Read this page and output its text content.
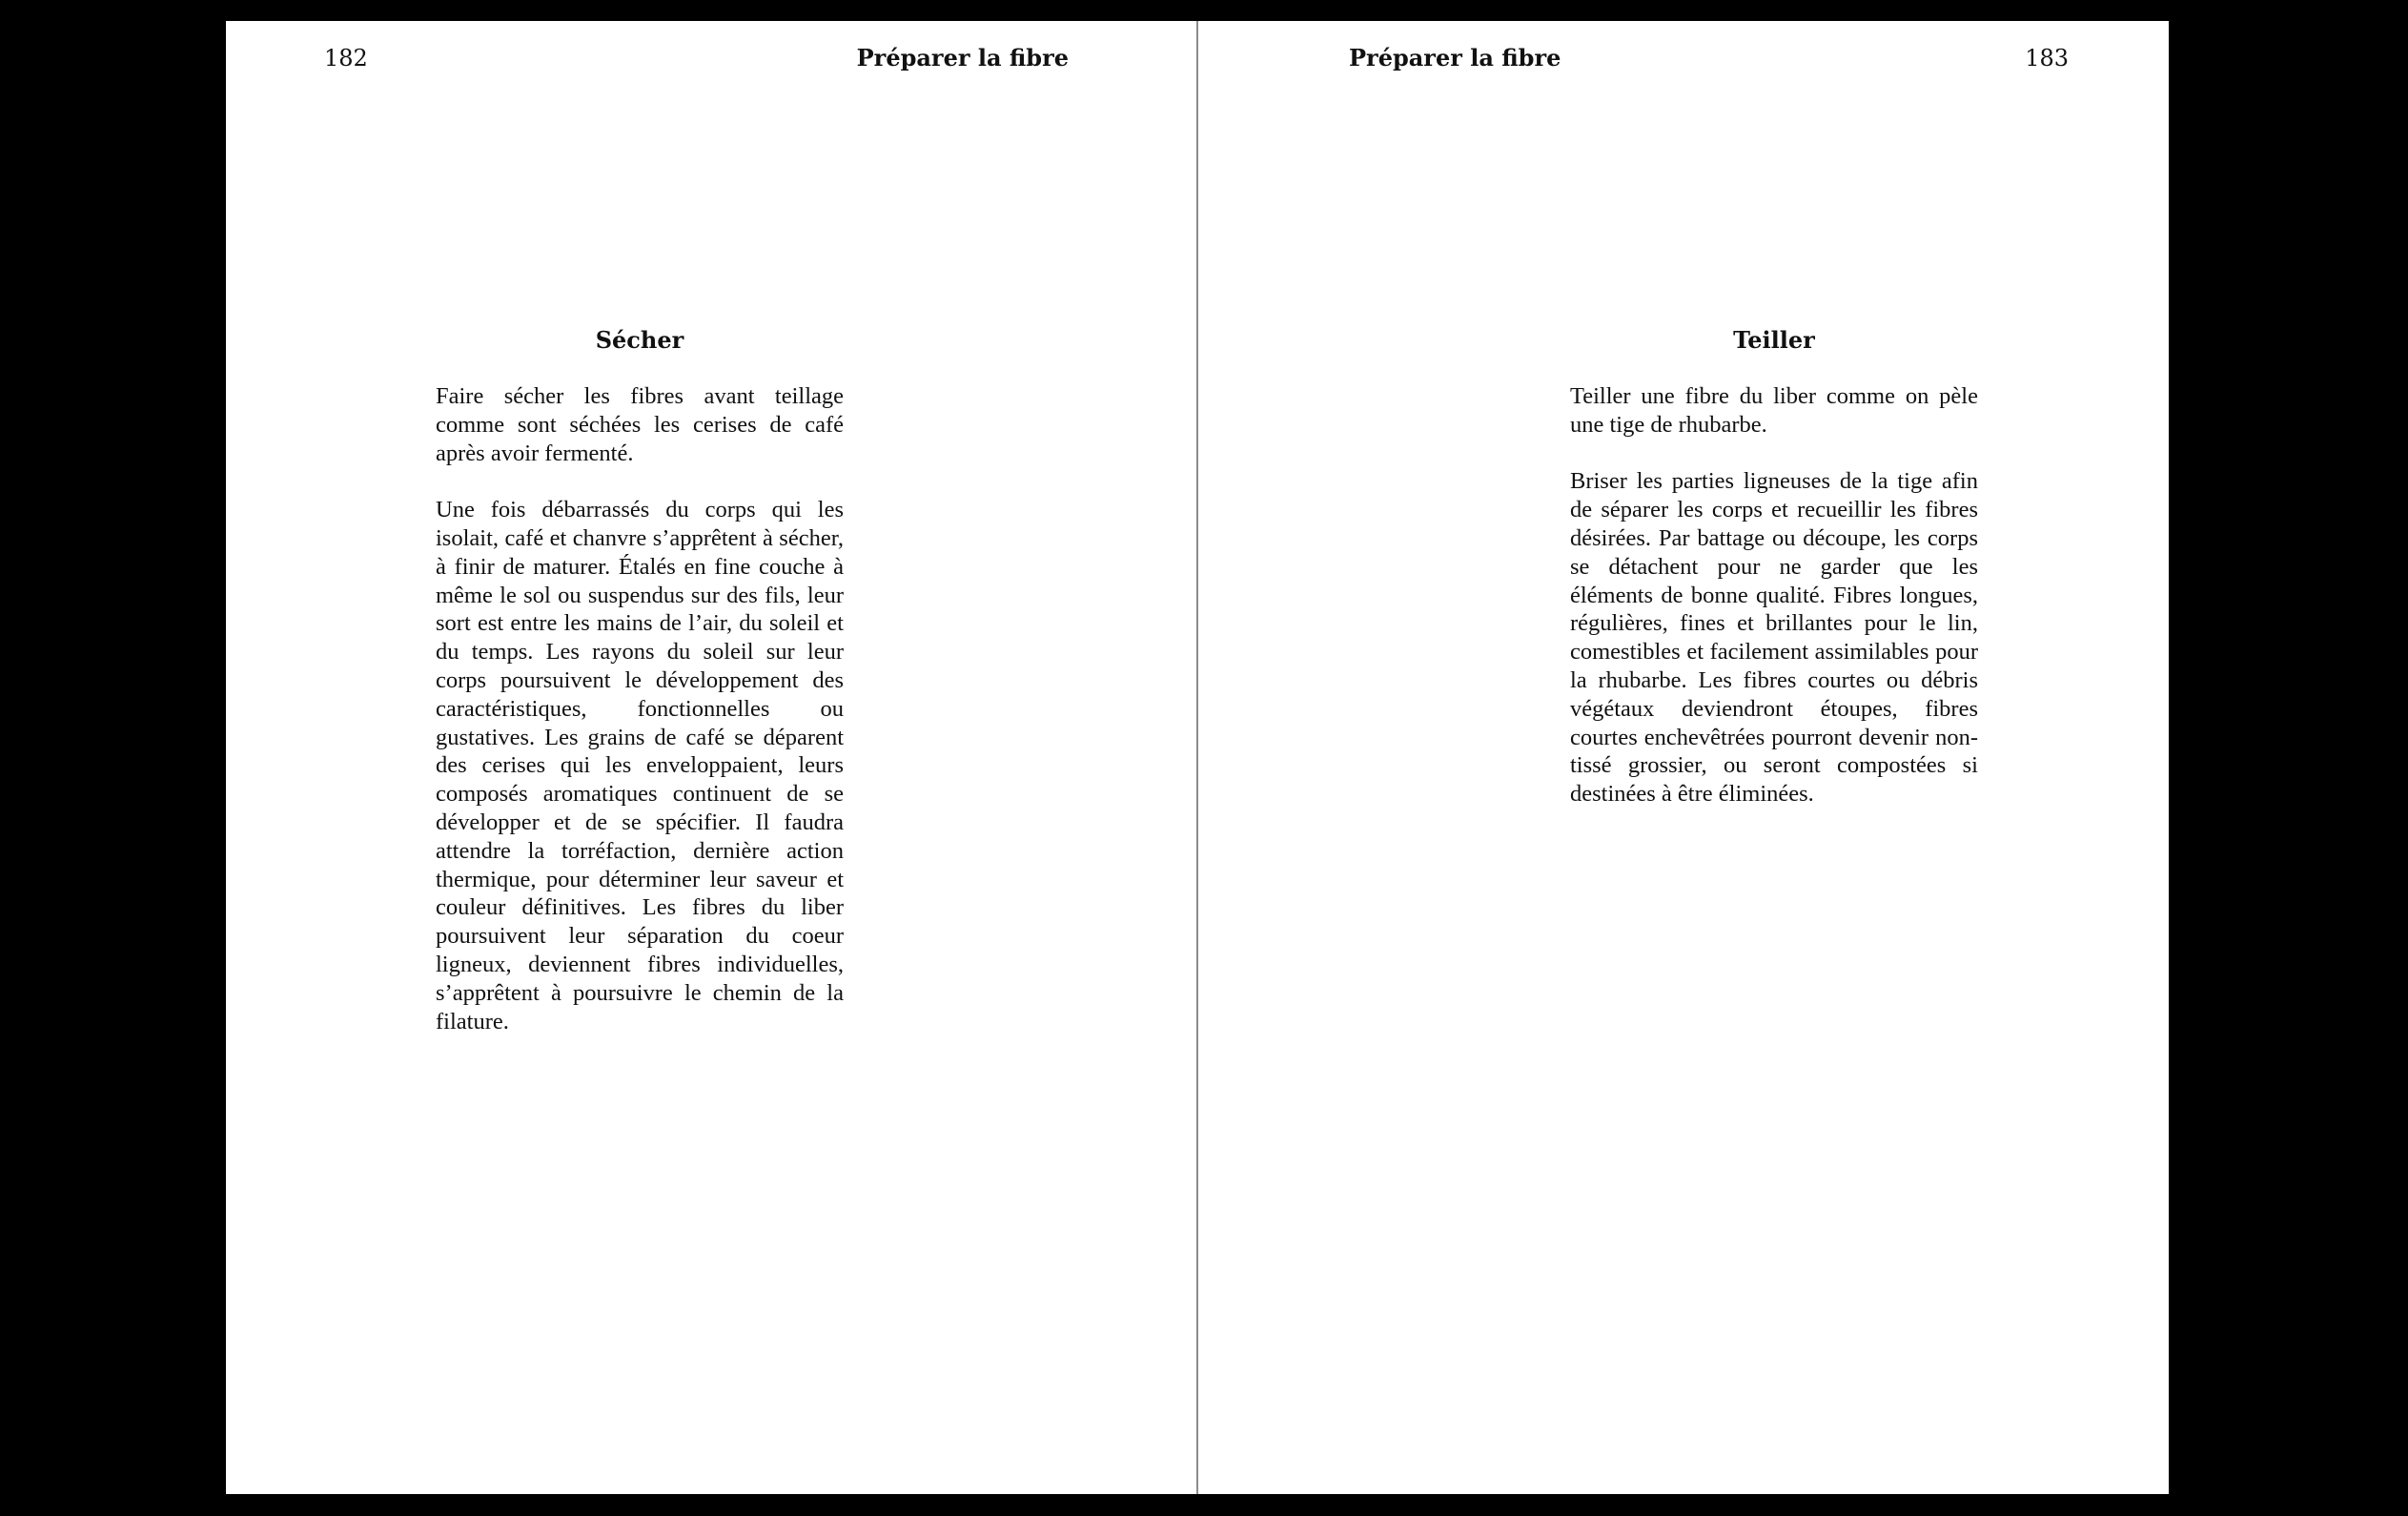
182	Préparer la fibre
Sécher

Faire sécher les fibres avant teillage comme sont séchées les cerises de café après avoir fermenté.

Une fois débarrassés du corps qui les isolait, café et chanvre s’apprêtent à sécher, à finir de maturer. Étalés en fine couche à même le sol ou suspendus sur des fils, leur sort est entre les mains de l’air, du soleil et du temps. Les rayons du soleil sur leur corps poursuivent le développement des caractéristiques, fonctionnelles ou gustatives. Les grains de café se déparent des cerises qui les enveloppaient, leurs composés aromatiques continuent de se développer et de se spécifier. Il faudra attendre la torréfaction, dernière action thermique, pour déterminer leur saveur et couleur définitives. Les fibres du liber poursuivent leur séparation du coeur ligneux, deviennent fibres individuelles, s’apprêtent à poursuivre le chemin de la filature.

Préparer la fibre	183
Teiller

Teiller une fibre du liber comme on pèle une tige de rhubarbe.

Briser les parties ligneuses de la tige afin de séparer les corps et recueillir les fibres désirées. Par battage ou découpe, les corps se détachent pour ne garder que les éléments de bonne qualité. Fibres longues, régulières, fines et brillantes pour le lin, comestibles et facilement assimilables pour la rhubarbe. Les fibres courtes ou débris végétaux deviendront étoupes, fibres courtes enchevêtrées pourront devenir non-tissé grossier, ou seront compostées si destinées à être éliminées.
